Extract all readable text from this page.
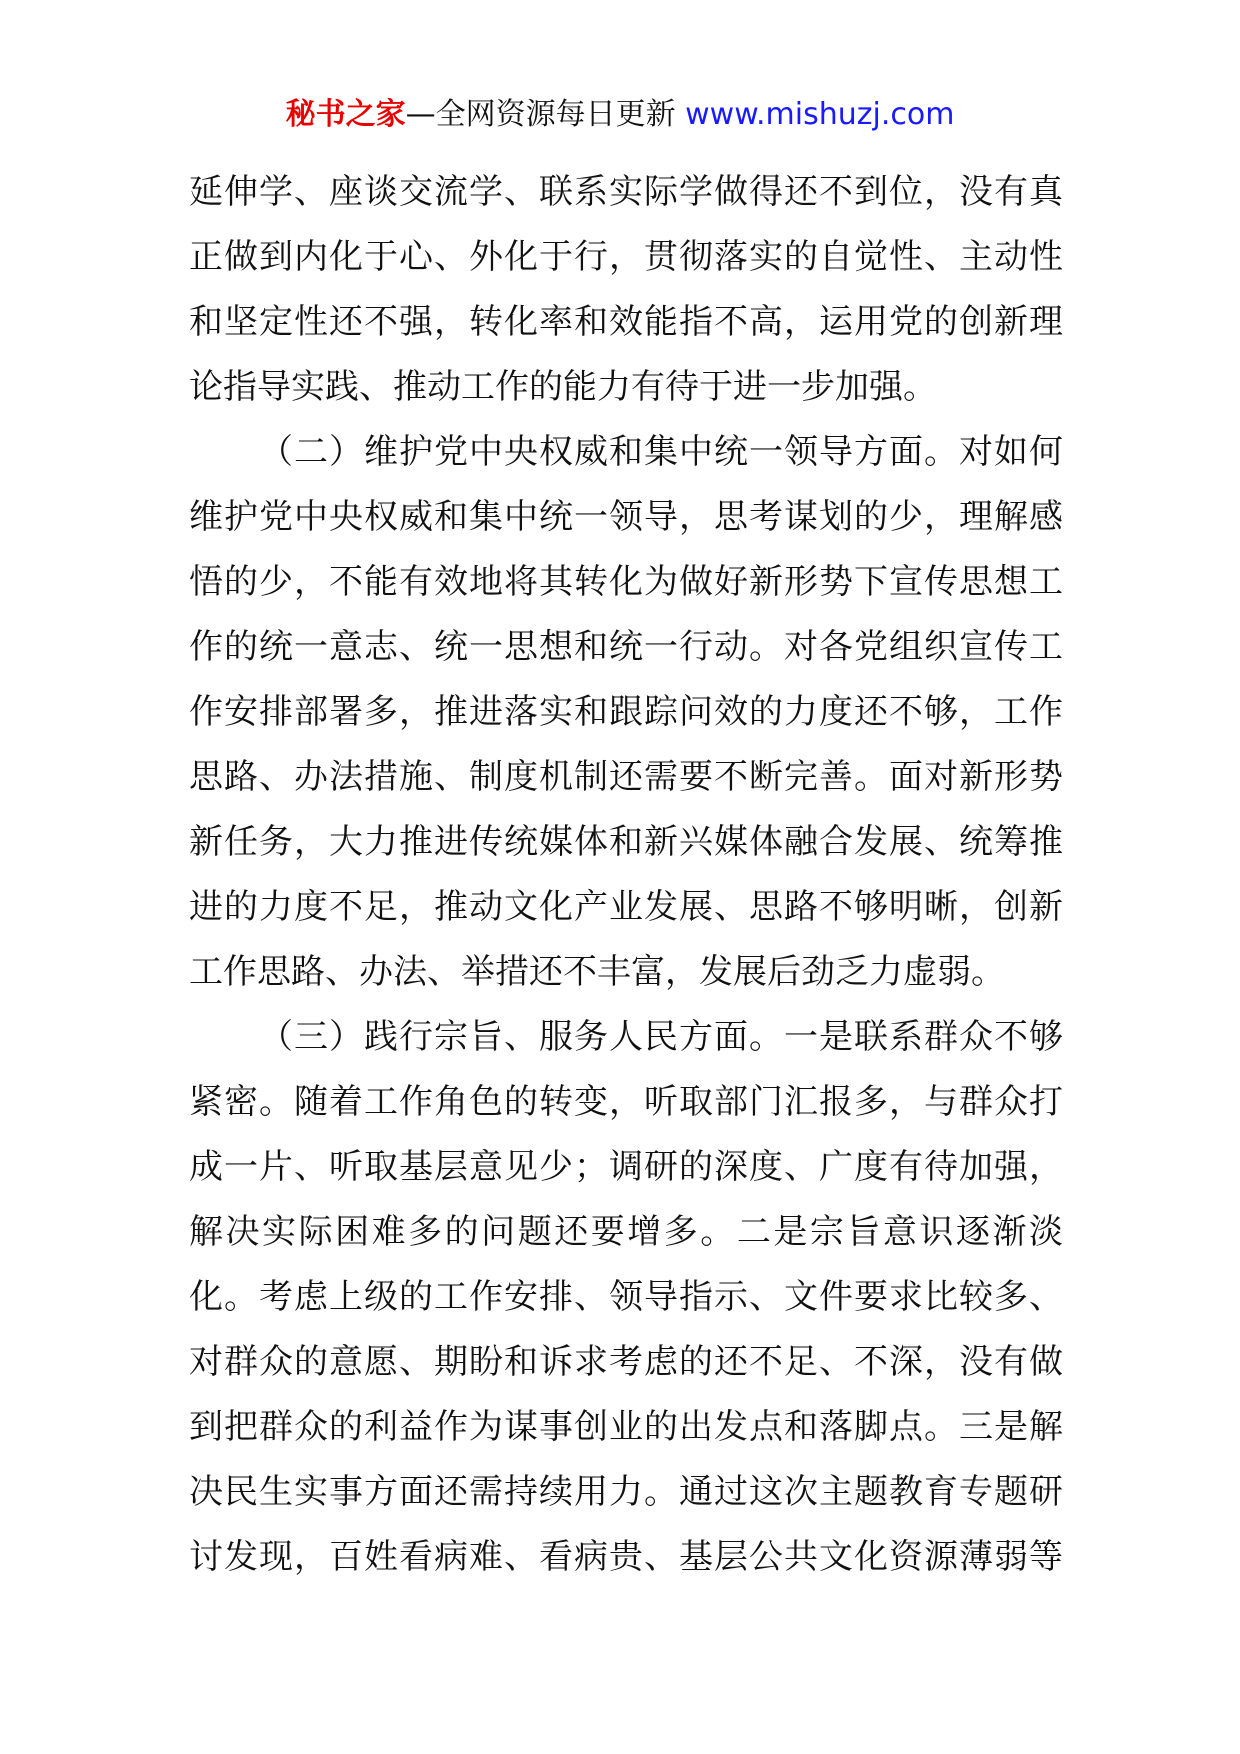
秘书之家—全网资源每日更新 www.mishuzj.com
延伸学、座谈交流学、联系实际学做得还不到位，没有真
正做到内化于心、外化于行，贯彻落实的自觉性、主动性
和坚定性还不强，转化率和效能指不高，运用党的创新理
论指导实践、推动工作的能力有待于进一步加强。
（二）维护党中央权威和集中统一领导方面。对如何
维护党中央权威和集中统一领导，思考谋划的少，理解感
悟的少，不能有效地将其转化为做好新形势下宣传思想工
作的统一意志、统一思想和统一行动。对各党组织宣传工
作安排部署多，推进落实和跟踪问效的力度还不够，工作
思路、办法措施、制度机制还需要不断完善。面对新形势
新任务，大力推进传统媒体和新兴媒体融合发展、统筹推
进的力度不足，推动文化产业发展、思路不够明晰，创新
工作思路、办法、举措还不丰富，发展后劲乏力虚弱。
（三）践行宗旨、服务人民方面。一是联系群众不够
紧密。随着工作角色的转变，听取部门汇报多，与群众打
成一片、听取基层意见少；调研的深度、广度有待加强，
解决实际困难多的问题还要增多。二是宗旨意识逐渐淡
化。考虑上级的工作安排、领导指示、文件要求比较多、
对群众的意愿、期盼和诉求考虑的还不足、不深，没有做
到把群众的利益作为谋事创业的出发点和落脚点。三是解
决民生实事方面还需持续用力。通过这次主题教育专题研
讨发现，百姓看病难、看病贵、基层公共文化资源薄弱等
